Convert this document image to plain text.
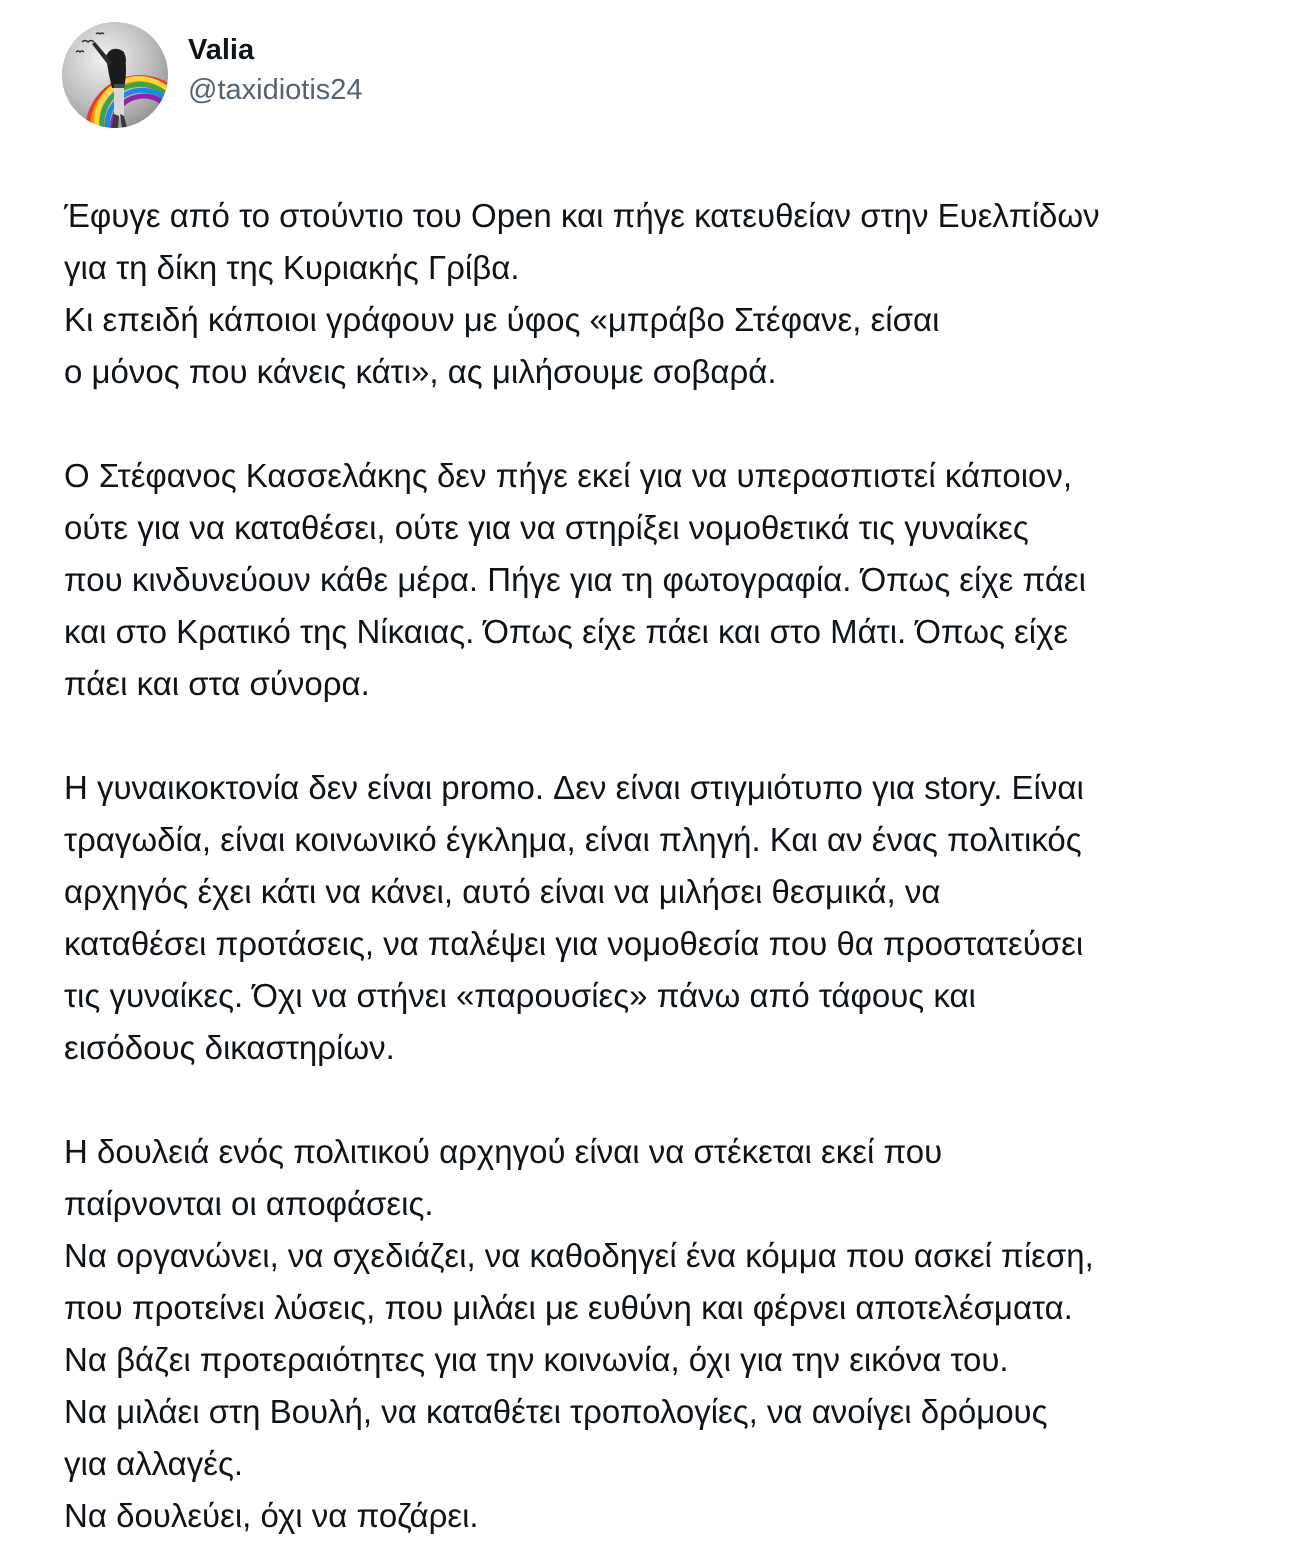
Valia
@taxidiotis24
Έφυγε από το στούντιο του Open και πήγε κατευθείαν στην Ευελπίδων
για τη δίκη της Κυριακής Γρίβα.
Κι επειδή κάποιοι γράφουν με ύφος «μπράβο Στέφανε, είσαι
ο μόνος που κάνεις κάτι», ας μιλήσουμε σοβαρά.
Ο Στέφανος Κασσελάκης δεν πήγε εκεί για να υπερασπιστεί κάποιον,
ούτε για να καταθέσει, ούτε για να στηρίξει νομοθετικά τις γυναίκες
που κινδυνεύουν κάθε μέρα. Πήγε για τη φωτογραφία. Όπως είχε πάει
και στο Κρατικό της Νίκαιας. Όπως είχε πάει και στο Μάτι. Όπως είχε
πάει και στα σύνορα.
Η γυναικοκτονία δεν είναι promo. Δεν είναι στιγμιότυπο για story. Είναι
τραγωδία, είναι κοινωνικό έγκλημα, είναι πληγή. Και αν ένας πολιτικός
αρχηγός έχει κάτι να κάνει, αυτό είναι να μιλήσει θεσμικά, να
καταθέσει προτάσεις, να παλέψει για νομοθεσία που θα προστατεύσει
τις γυναίκες. Όχι να στήνει «παρουσίες» πάνω από τάφους και
εισόδους δικαστηρίων.
Η δουλειά ενός πολιτικού αρχηγού είναι να στέκεται εκεί που
παίρνονται οι αποφάσεις.
Να οργανώνει, να σχεδιάζει, να καθοδηγεί ένα κόμμα που ασκεί πίεση,
που προτείνει λύσεις, που μιλάει με ευθύνη και φέρνει αποτελέσματα.
Να βάζει προτεραιότητες για την κοινωνία, όχι για την εικόνα του.
Να μιλάει στη Βουλή, να καταθέτει τροπολογίες, να ανοίγει δρόμους
για αλλαγές.
Να δουλεύει, όχι να ποζάρει.
